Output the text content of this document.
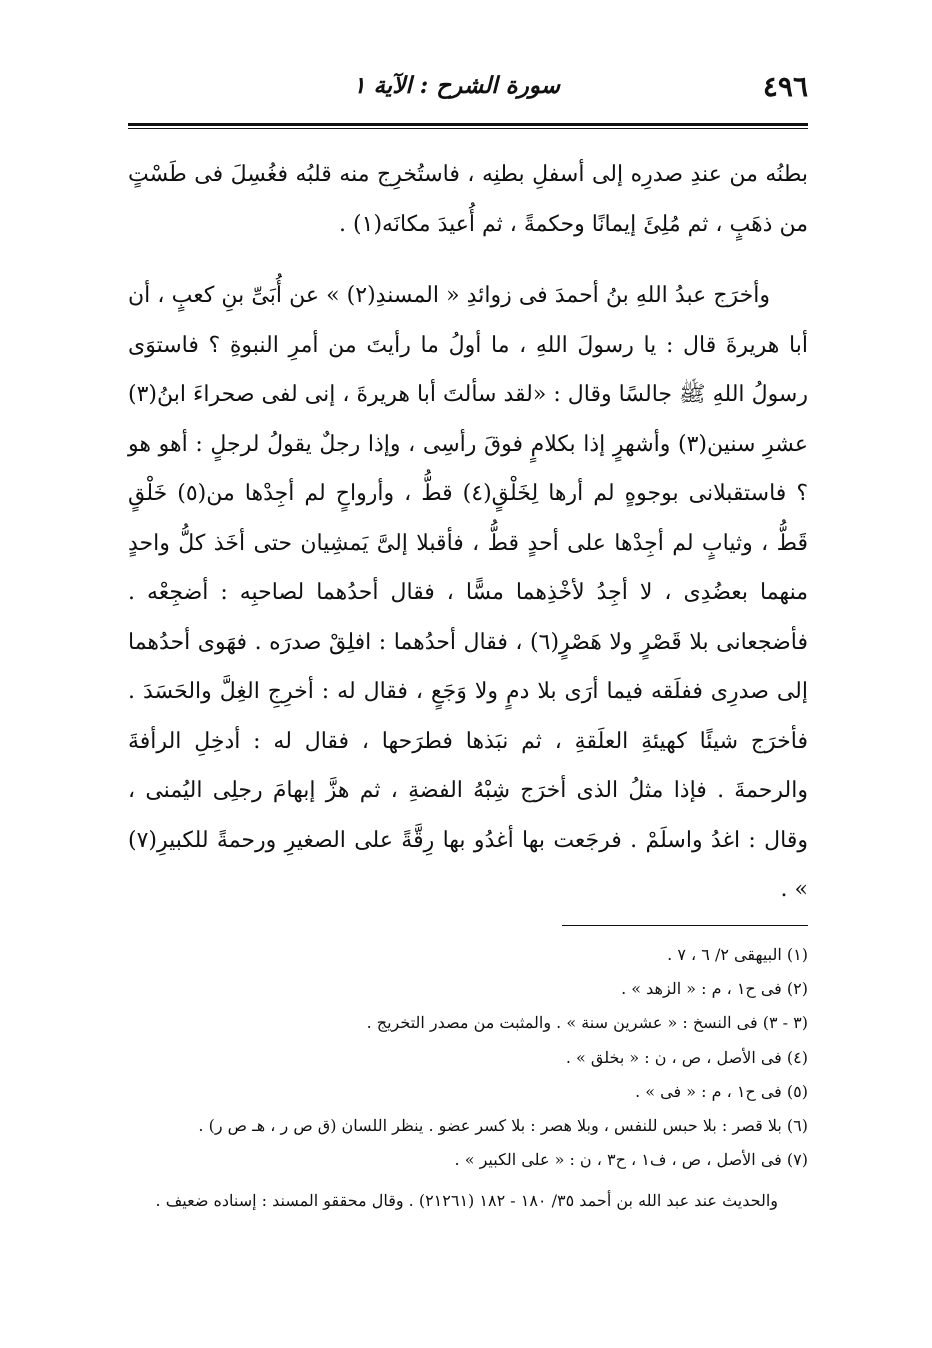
٤٩٦
سورة الشرح : الآية ١

بطنُه من عندِ صدرِه إلى أسفلِ بطنِه ، فاستُخرِج منه قلبُه فغُسِلَ فى طَسْتٍ من ذهَبٍ ، ثم مُلِئَ إيمانًا وحكمةً ، ثم أُعيدَ مكانَه(١) .

وأخرَج عبدُ اللهِ بنُ أحمدَ فى زوائدِ « المسندِ(٢) » عن أُبَىِّ بنِ كعبٍ ، أن أبا هريرةَ قال : يا رسولَ اللهِ ، ما أولُ ما رأيتَ من أمرِ النبوةِ ؟ فاستوَى رسولُ اللهِ ﷺ جالسًا وقال : «لقد سألتَ أبا هريرةَ ، إنى لفى صحراءَ ابنُ(٣) عشرِ سنين(٣) وأشهرٍ إذا بكلامٍ فوقَ رأسِى ، وإذا رجلٌ يقولُ لرجلٍ : أهو هو ؟ فاستقبلانى بوجوهٍ لم أرها لِخَلْقٍ(٤) قطُّ ، وأرواحٍ لم أجِدْها من(٥) خَلْقٍ قَطُّ ، وثيابٍ لم أجِدْها على أحدٍ قطُّ ، فأقبلا إلىَّ يَمشِيان حتى أخَذ كلُّ واحدٍ منهما بعضُدِى ، لا أجِدُ لأخْذِهما مسًّا ، فقال أحدُهما لصاحبِه : أضجِعْه . فأضجعانى بلا قَصْرٍ ولا هَصْرٍ(٦) ، فقال أحدُهما : افلِقْ صدرَه . فهَوى أحدُهما إلى صدرِى ففلَقه فيما أرَى بلا دمٍ ولا وَجَعٍ ، فقال له : أخرِجِ الغِلَّ والحَسَدَ . فأخرَج شيئًا كهيئةِ العلَقةِ ، ثم نبَذها فطرَحها ، فقال له : أدخِلِ الرأفةَ والرحمةَ . فإذا مثلُ الذى أخرَج شِبْهُ الفضةِ ، ثم هزَّ إبهامَ رجلِى اليُمنى ، وقال : اغدُ واسلَمْ . فرجَعت بها أغدُو بها رِقَّةً على الصغيرِ ورحمةً للكبيرِ(٧) » .

(١) البيهقى ٢/ ٦ ، ٧ .

(٢) فى ح١ ، م : « الزهد » .

(٣ - ٣) فى النسخ : « عشرين سنة » . والمثبت من مصدر التخريج .

(٤) فى الأصل ، ص ، ن : « بخلق » .

(٥) فى ح١ ، م : « فى » .

(٦) بلا قصر : بلا حبس للنفس ، وبلا هصر : بلا كسر عضو . ينظر اللسان (ق ص ر ، هـ ص ر) .

(٧) فى الأصل ، ص ، ف١ ، ح٣ ، ن : « على الكبير » .

والحديث عند عبد الله بن أحمد ٣٥/ ١٨٠ - ١٨٢ (٢١٢٦١) . وقال محققو المسند : إسناده ضعيف .
